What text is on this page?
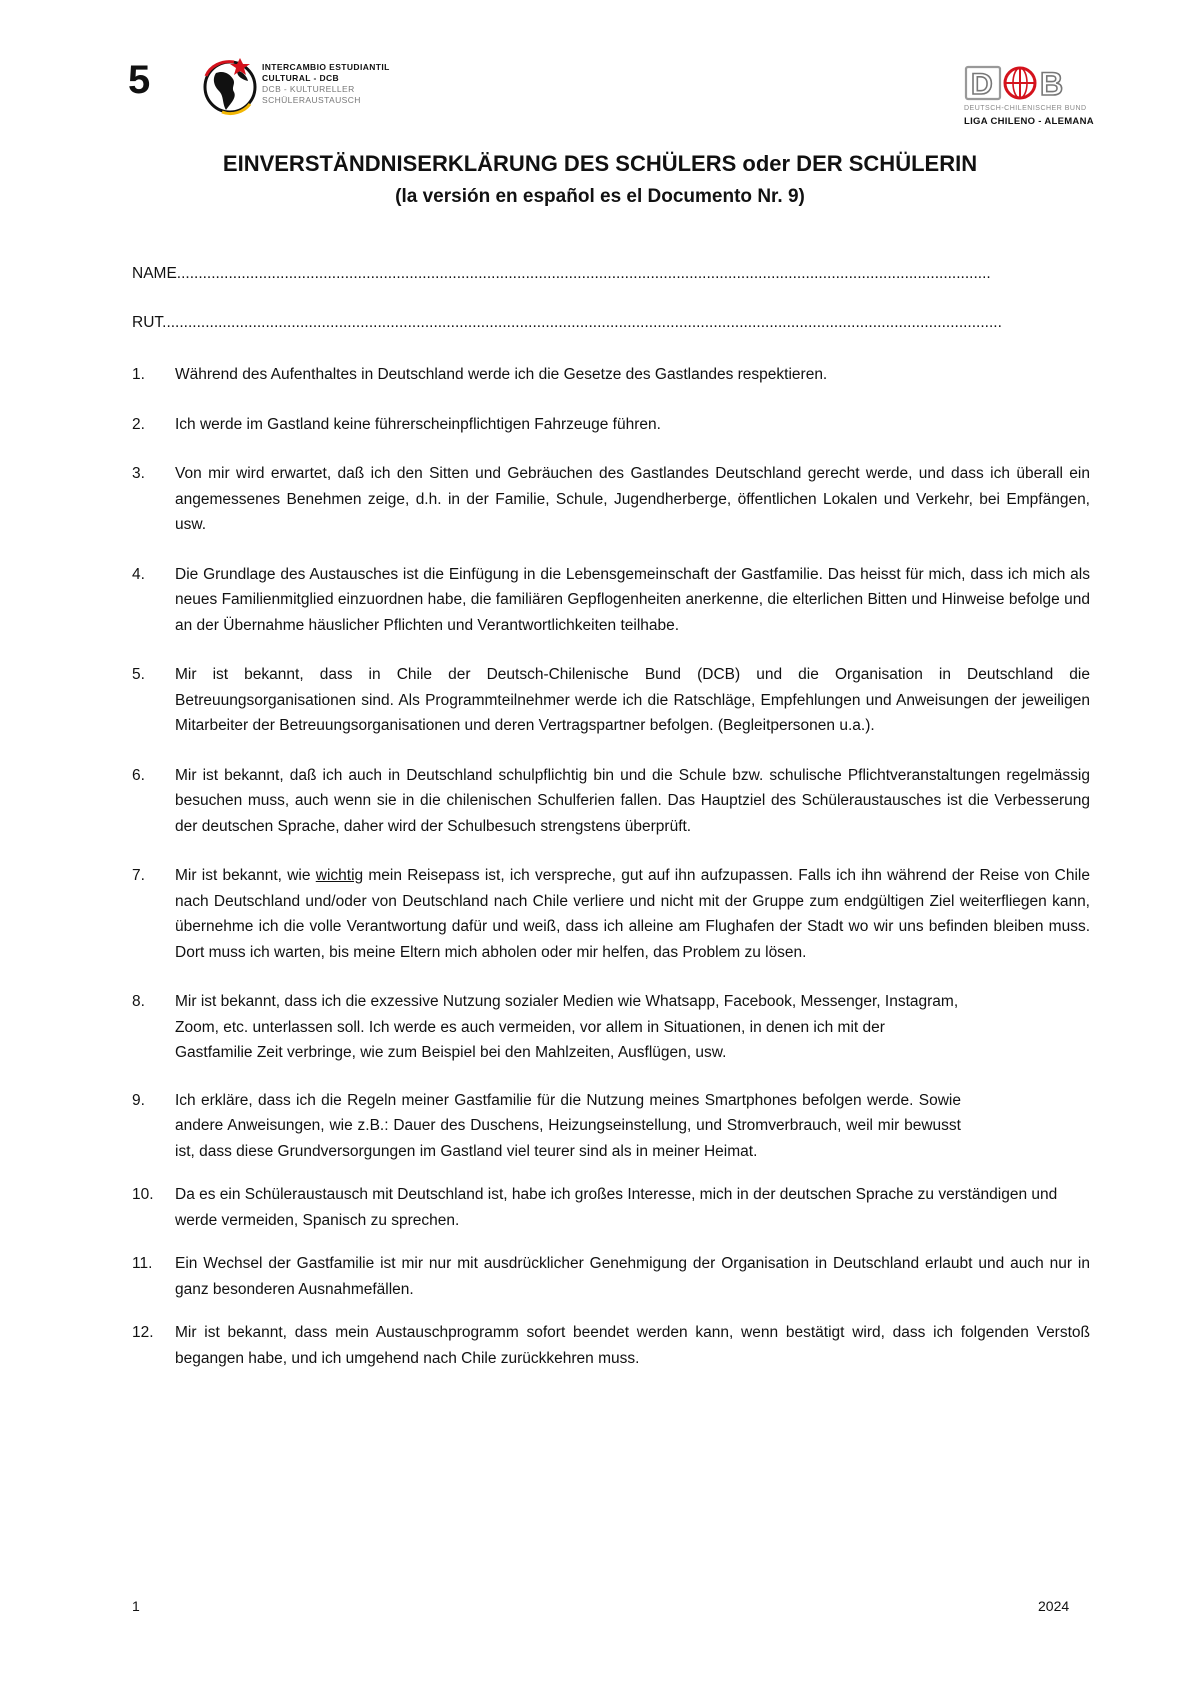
5	INTERCAMBIO ESTUDIANTIL
CULTURAL - DCB
DCB - KULTURELLER
SCHÜLERAUSTAUSCH	D B
DEUTSCH-CHILENISCHER BUND
LIGA CHILENO - ALEMANA
EINVERSTÄNDNISERKLÄRUNG DES SCHÜLERS oder DER SCHÜLERIN
(la versión en español es el Documento Nr. 9)
NAME.............................................................................................................................................................................................
RUT...................................................................................................................................................................................................
1. Während des Aufenthaltes in Deutschland werde ich die Gesetze des Gastlandes respektieren.
2. Ich werde im Gastland keine führerscheinpflichtigen Fahrzeuge führen.
3. Von mir wird erwartet, daß ich den Sitten und Gebräuchen des Gastlandes Deutschland gerecht werde, und dass ich überall ein angemessenes Benehmen zeige, d.h. in der Familie, Schule, Jugendherberge, öffentlichen Lokalen und Verkehr, bei Empfängen, usw.
4. Die Grundlage des Austausches ist die Einfügung in die Lebensgemeinschaft der Gastfamilie. Das heisst für mich, dass ich mich als neues Familienmitglied einzuordnen habe, die familiären Gepflogenheiten anerkenne, die elterlichen Bitten und Hinweise befolge und an der Übernahme häuslicher Pflichten und Verantwortlichkeiten teilhabe.
5. Mir ist bekannt, dass in Chile der Deutsch-Chilenische Bund (DCB) und die Organisation in Deutschland die Betreuungsorganisationen sind. Als Programmteilnehmer werde ich die Ratschläge, Empfehlungen und Anweisungen der jeweiligen Mitarbeiter der Betreuungsorganisationen und deren Vertragspartner befolgen. (Begleitpersonen u.a.).
6. Mir ist bekannt, daß ich auch in Deutschland schulpflichtig bin und die Schule bzw. schulische Pflichtveranstaltungen regelmässig besuchen muss, auch wenn sie in die chilenischen Schulferien fallen. Das Hauptziel des Schüleraustausches ist die Verbesserung der deutschen Sprache, daher wird der Schulbesuch strengstens überprüft.
7. Mir ist bekannt, wie wichtig mein Reisepass ist, ich verspreche, gut auf ihn aufzupassen. Falls ich ihn während der Reise von Chile nach Deutschland und/oder von Deutschland nach Chile verliere und nicht mit der Gruppe zum endgültigen Ziel weiterfliegen kann, übernehme ich die volle Verantwortung dafür und weiß, dass ich alleine am Flughafen der Stadt wo wir uns befinden bleiben muss. Dort muss ich warten, bis meine Eltern mich abholen oder mir helfen, das Problem zu lösen.
8. Mir ist bekannt, dass ich die exzessive Nutzung sozialer Medien wie Whatsapp, Facebook, Messenger, Instagram, Zoom, etc. unterlassen soll. Ich werde es auch vermeiden, vor allem in Situationen, in denen ich mit der Gastfamilie Zeit verbringe, wie zum Beispiel bei den Mahlzeiten, Ausflügen, usw.
9. Ich erkläre, dass ich die Regeln meiner Gastfamilie für die Nutzung meines Smartphones befolgen werde. Sowie andere Anweisungen, wie z.B.: Dauer des Duschens, Heizungseinstellung, und Stromverbrauch, weil mir bewusst ist, dass diese Grundversorgungen im Gastland viel teurer sind als in meiner Heimat.
10. Da es ein Schüleraustausch mit Deutschland ist, habe ich großes Interesse, mich in der deutschen Sprache zu verständigen und werde vermeiden, Spanisch zu sprechen.
11. Ein Wechsel der Gastfamilie ist mir nur mit ausdrücklicher Genehmigung der Organisation in Deutschland erlaubt und auch nur in ganz besonderen Ausnahmefällen.
12. Mir ist bekannt, dass mein Austauschprogramm sofort beendet werden kann, wenn bestätigt wird, dass ich folgenden Verstoß begangen habe, und ich umgehend nach Chile zurückkehren muss.
1	2024
